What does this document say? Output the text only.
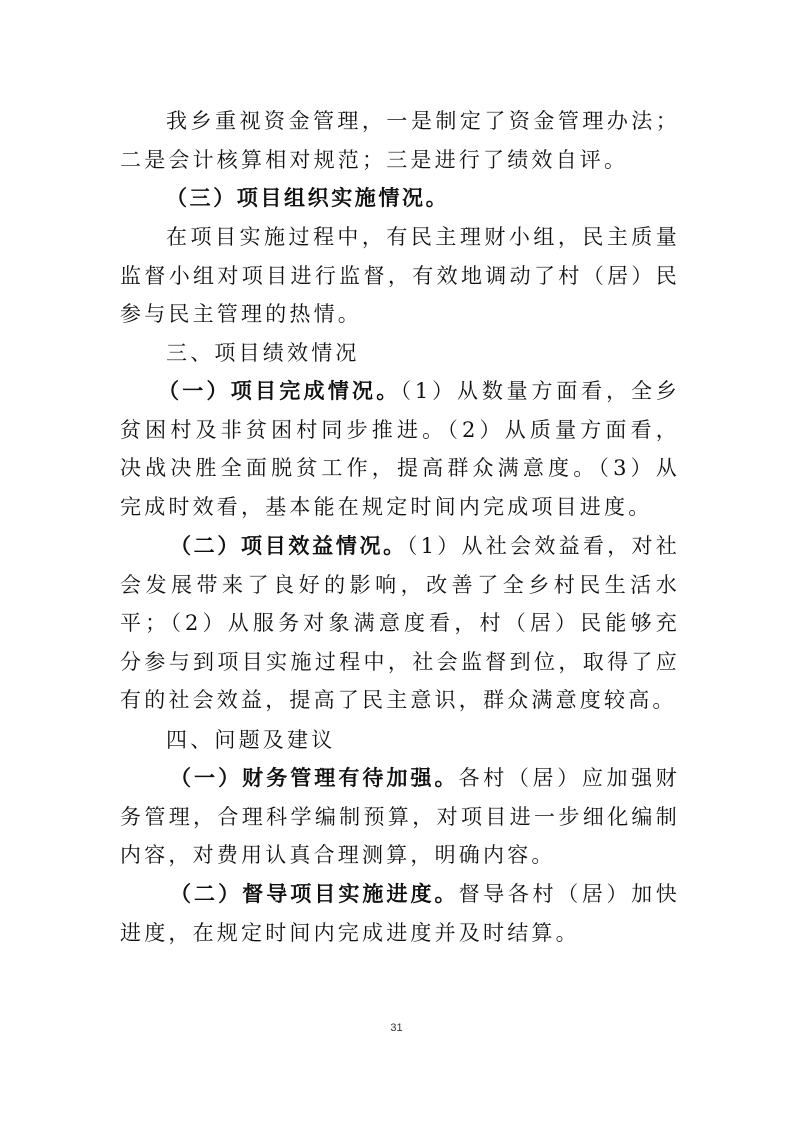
我乡重视资金管理，一是制定了资金管理办法；二是会计核算相对规范；三是进行了绩效自评。

（三）项目组织实施情况。

在项目实施过程中，有民主理财小组，民主质量监督小组对项目进行监督，有效地调动了村（居）民参与民主管理的热情。

三、项目绩效情况

（一）项目完成情况。（1）从数量方面看，全乡贫困村及非贫困村同步推进。（2）从质量方面看，决战决胜全面脱贫工作，提高群众满意度。（3）从完成时效看，基本能在规定时间内完成项目进度。

（二）项目效益情况。（1）从社会效益看，对社会发展带来了良好的影响，改善了全乡村民生活水平；（2）从服务对象满意度看，村（居）民能够充分参与到项目实施过程中，社会监督到位，取得了应有的社会效益，提高了民主意识，群众满意度较高。

四、问题及建议

（一）财务管理有待加强。各村（居）应加强财务管理，合理科学编制预算，对项目进一步细化编制内容，对费用认真合理测算，明确内容。

（二）督导项目实施进度。督导各村（居）加快进度，在规定时间内完成进度并及时结算。

31
